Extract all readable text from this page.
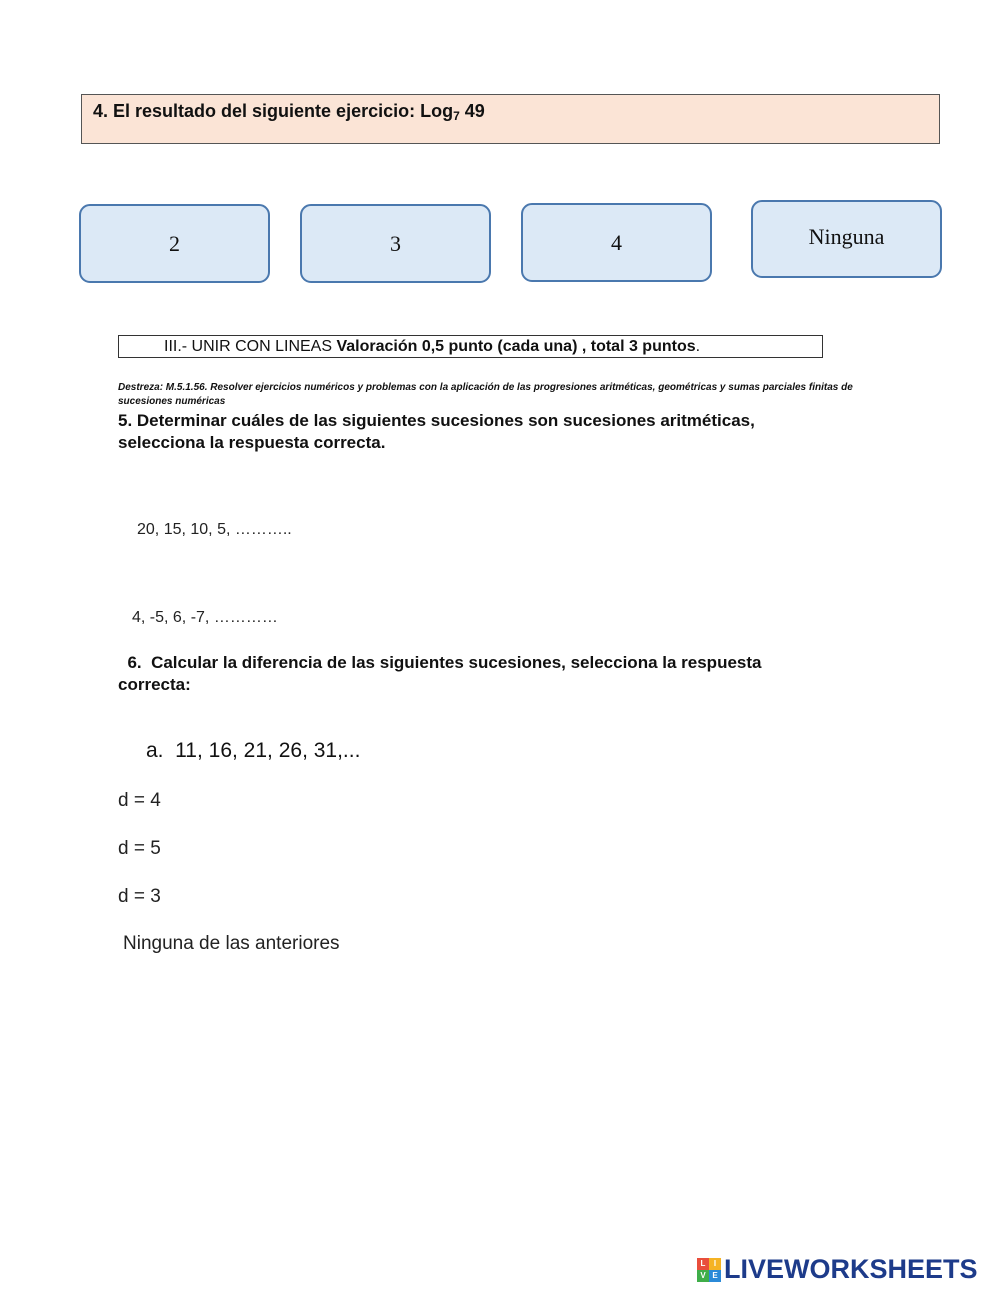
4. El resultado del siguiente ejercicio: Log$_7$ 49
2	3	4	Ninguna
III.- UNIR CON LINEAS Valoración 0,5 punto (cada una) , total 3 puntos.
Destreza: M.5.1.56. Resolver ejercicios numéricos y problemas con la aplicación de las progresiones aritméticas, geométricas y sumas parciales finitas de sucesiones numéricas
5. Determinar cuáles de las siguientes sucesiones son sucesiones aritméticas, selecciona la respuesta correcta.
20, 15, 10, 5, ………..
4, -5, 6, -7, …………
6.  Calcular la diferencia de las siguientes sucesiones, selecciona la respuesta correcta:
a.  11, 16, 21, 26, 31,...
d = 4
d = 5
d = 3
Ninguna de las anteriores
L	I
V E LIVEWORKSHEETS
